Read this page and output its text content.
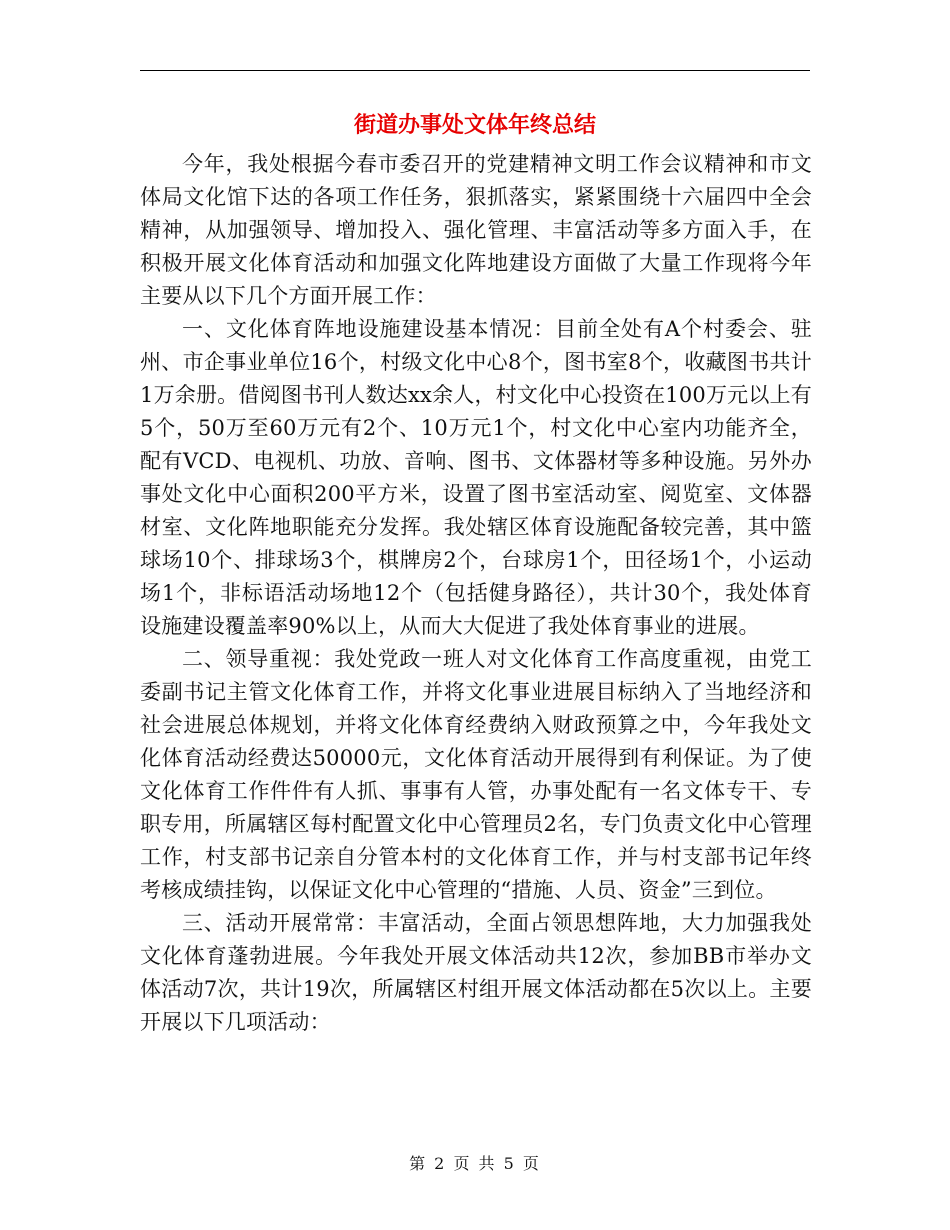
街道办事处文体年终总结

今年，我处根据今春市委召开的党建精神文明工作会议精神和市文体局文化馆下达的各项工作任务，狠抓落实，紧紧围绕十六届四中全会精神，从加强领导、增加投入、强化管理、丰富活动等多方面入手，在积极开展文化体育活动和加强文化阵地建设方面做了大量工作现将今年主要从以下几个方面开展工作：

一、文化体育阵地设施建设基本情况：目前全处有A个村委会、驻州、市企事业单位16个，村级文化中心8个，图书室8个，收藏图书共计1万余册。借阅图书刊人数达xx余人，村文化中心投资在100万元以上有5个，50万至60万元有2个、10万元1个，村文化中心室内功能齐全，配有VCD、电视机、功放、音响、图书、文体器材等多种设施。另外办事处文化中心面积200平方米，设置了图书室活动室、阅览室、文体器材室、文化阵地职能充分发挥。我处辖区体育设施配备较完善，其中篮球场10个、排球场3个，棋牌房2个，台球房1个，田径场1个，小运动场1个，非标语活动场地12个（包括健身路径），共计30个，我处体育设施建设覆盖率90%以上，从而大大促进了我处体育事业的进展。

二、领导重视：我处党政一班人对文化体育工作高度重视，由党工委副书记主管文化体育工作，并将文化事业进展目标纳入了当地经济和社会进展总体规划，并将文化体育经费纳入财政预算之中，今年我处文化体育活动经费达50000元，文化体育活动开展得到有利保证。为了使文化体育工作件件有人抓、事事有人管，办事处配有一名文体专干、专职专用，所属辖区每村配置文化中心管理员2名，专门负责文化中心管理工作，村支部书记亲自分管本村的文化体育工作，并与村支部书记年终考核成绩挂钩，以保证文化中心管理的“措施、人员、资金”三到位。

三、活动开展常常：丰富活动，全面占领思想阵地，大力加强我处文化体育蓬勃进展。今年我处开展文体活动共12次，参加BB市举办文体活动7次，共计19次，所属辖区村组开展文体活动都在5次以上。主要开展以下几项活动：

第 2 页 共 5 页
